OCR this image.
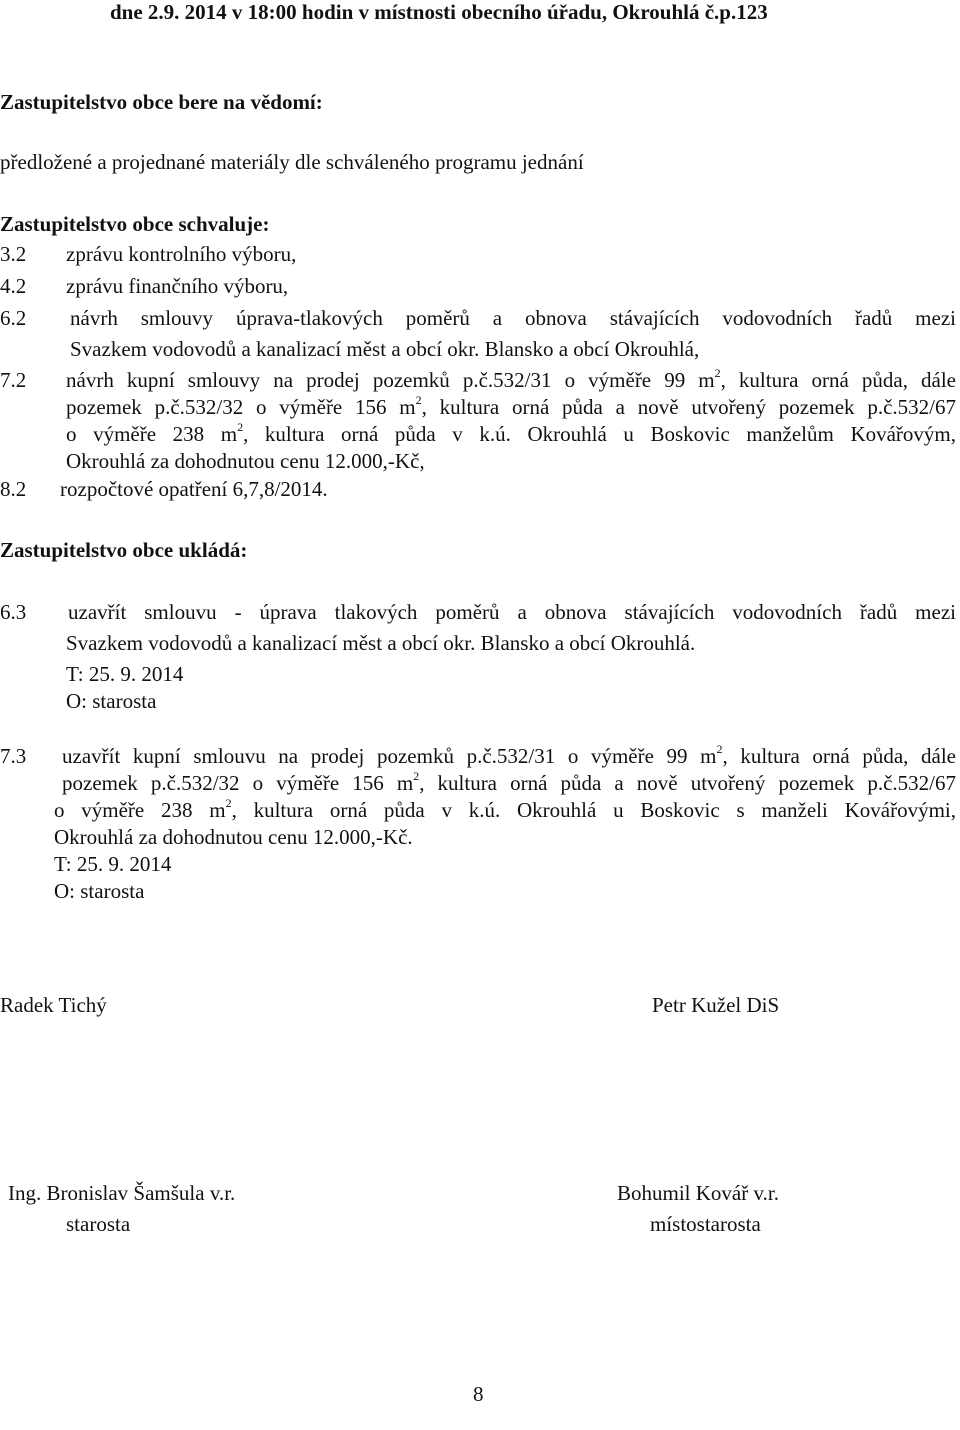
dne 2.9. 2014 v 18:00 hodin v místnosti obecního úřadu, Okrouhlá č.p.123
Zastupitelstvo obce bere na vědomí:
předložené a projednané materiály dle schváleného programu jednání
Zastupitelstvo obce schvaluje:
3.2 zprávu kontrolního výboru,
4.2 zprávu finančního výboru,
6.2 návrh smlouvy úprava-tlakových poměrů a obnova stávajících vodovodních řadů mezi
Svazkem vodovodů a kanalizací měst a obcí okr. Blansko a obcí Okrouhlá,
7.2 návrh kupní smlouvy na prodej pozemků p.č.532/31 o výměře 99 $m^2$, kultura orná půda, dále
pozemek p.č.532/32 o výměře 156 $m^2$, kultura orná půda a nově utvořený pozemek p.č.532/67
o výměře 238 $m^2$, kultura orná půda v k.ú. Okrouhlá u Boskovic manželům Kovářovým,
Okrouhlá za dohodnutou cenu 12.000,-Kč,
8.2 rozpočtové opatření 6,7,8/2014.
Zastupitelstvo obce ukládá:
6.3 uzavřít smlouvu - úprava tlakových poměrů a obnova stávajících vodovodních řadů mezi
Svazkem vodovodů a kanalizací měst a obcí okr. Blansko a obcí Okrouhlá.
T: 25. 9. 2014
O: starosta
7.3 uzavřít kupní smlouvu na prodej pozemků p.č.532/31 o výměře 99 $m^2$, kultura orná půda, dále
pozemek p.č.532/32 o výměře 156 $m^2$, kultura orná půda a nově utvořený pozemek p.č.532/67
o výměře 238 $m^2$, kultura orná půda v k.ú. Okrouhlá u Boskovic s manželi Kovářovými,
Okrouhlá za dohodnutou cenu 12.000,-Kč.
T: 25. 9. 2014
O: starosta
Radek Tichý	Petr Kužel DiS
Ing. Bronislav Šamšula v.r.
starosta
Bohumil Kovář v.r.
místostarosta
8
